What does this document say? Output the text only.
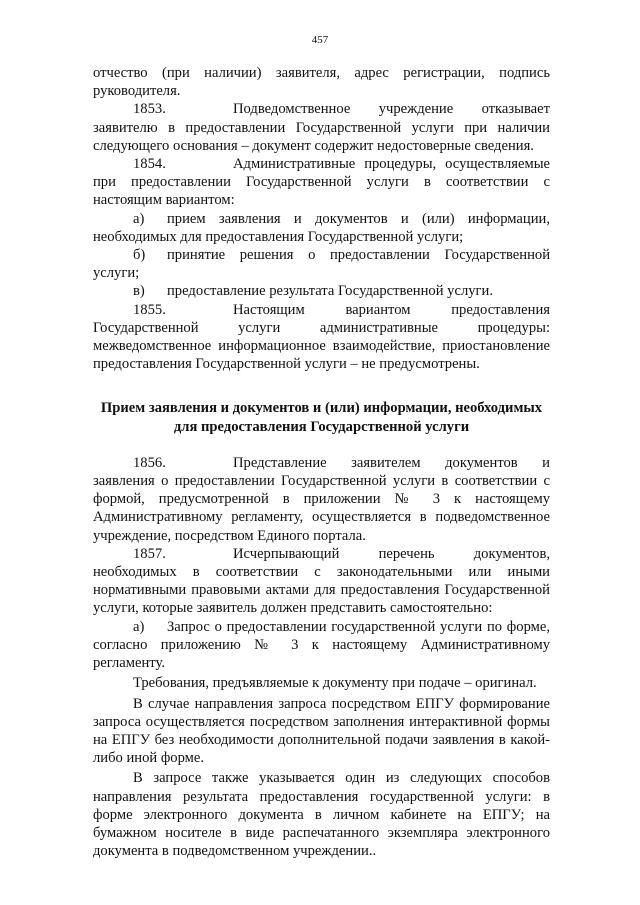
457

отчество (при наличии) заявителя, адрес регистрации, подпись руководителя.

1853.	Подведомственное учреждение отказывает заявителю в предоставлении Государственной услуги при наличии следующего основания – документ содержит недостоверные сведения.

1854.	Административные процедуры, осуществляемые при предоставлении Государственной услуги в соответствии с настоящим вариантом:

а) прием заявления и документов и (или) информации, необходимых для предоставления Государственной услуги;

б) принятие решения о предоставлении Государственной услуги;

в) предоставление результата Государственной услуги.

1855.	Настоящим вариантом предоставления Государственной услуги административные процедуры: межведомственное информационное взаимодействие, приостановление предоставления Государственной услуги – не предусмотрены.

Прием заявления и документов и (или) информации, необходимых для предоставления Государственной услуги

1856.	Представление заявителем документов и заявления о предоставлении Государственной услуги в соответствии с формой, предусмотренной в приложении № 3 к настоящему Административному регламенту, осуществляется в подведомственное учреждение, посредством Единого портала.

1857.	Исчерпывающий перечень документов, необходимых в соответствии с законодательными или иными нормативными правовыми актами для предоставления Государственной услуги, которые заявитель должен представить самостоятельно:

а) Запрос о предоставлении государственной услуги по форме, согласно приложению № 3 к настоящему Административному регламенту.

Требования, предъявляемые к документу при подаче – оригинал.

В случае направления запроса посредством ЕПГУ формирование запроса осуществляется посредством заполнения интерактивной формы на ЕПГУ без необходимости дополнительной подачи заявления в какой-либо иной форме.

В запросе также указывается один из следующих способов направления результата предоставления государственной услуги: в форме электронного документа в личном кабинете на ЕПГУ; на бумажном носителе в виде распечатанного экземпляра электронного документа в подведомственном учреждении..
